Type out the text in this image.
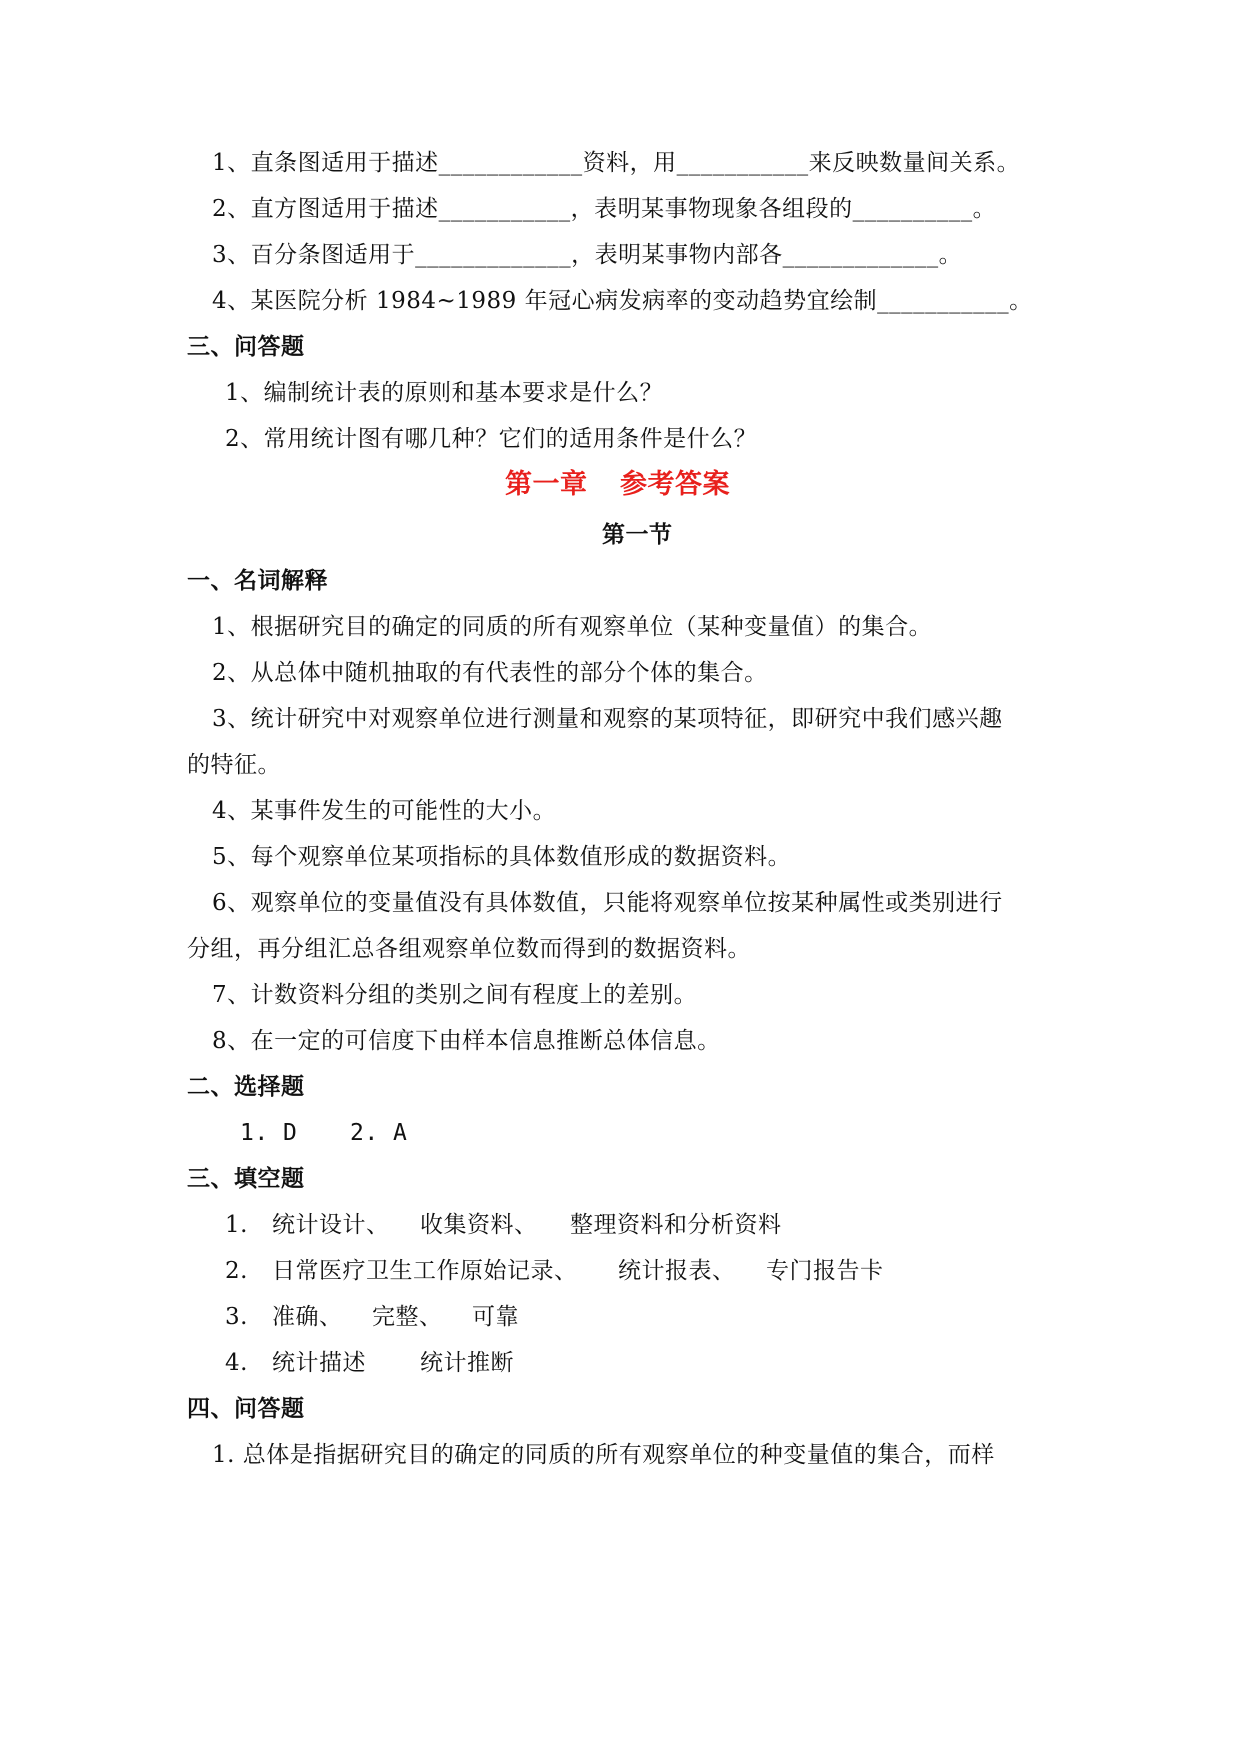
1、直条图适用于描述____________资料，用___________来反映数量间关系。
2、直方图适用于描述___________，表明某事物现象各组段的__________。
3、百分条图适用于_____________，表明某事物内部各_____________。
4、某医院分析 1984~1989 年冠心病发病率的变动趋势宜绘制___________。
三、问答题
1、编制统计表的原则和基本要求是什么？
2、常用统计图有哪几种？它们的适用条件是什么？
第一章 参考答案
第一节
一、名词解释
1、根据研究目的确定的同质的所有观察单位（某种变量值）的集合。
2、从总体中随机抽取的有代表性的部分个体的集合。
3、统计研究中对观察单位进行测量和观察的某项特征，即研究中我们感兴趣
的特征。
4、某事件发生的可能性的大小。
5、每个观察单位某项指标的具体数值形成的数据资料。
6、观察单位的变量值没有具体数值，只能将观察单位按某种属性或类别进行
分组，再分组汇总各组观察单位数而得到的数据资料。
7、计数资料分组的类别之间有程度上的差别。
8、在一定的可信度下由样本信息推断总体信息。
二、选择题
1. D 2. A
三、填空题
1. 统计设计、 收集资料、 整理资料和分析资料
2. 日常医疗卫生工作原始记录、 统计报表、 专门报告卡
3. 准确、 完整、 可靠
4. 统计描述 统计推断
四、问答题
1. 总体是指据研究目的确定的同质的所有观察单位的种变量值的集合，而样
